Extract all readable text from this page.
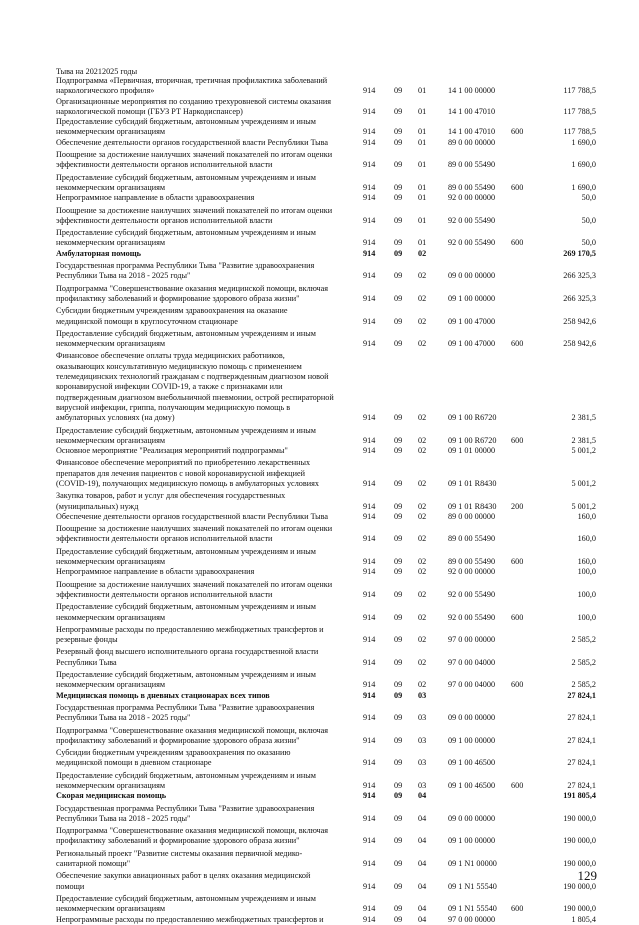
Тыва на 20212025 годы
Подпрограмма «Первичная, вторичная, третичная профилактика заболеваний
наркологического профиля»	914 09 01	14 1 00 00000	117 788,5
Организационные мероприятия по созданию трехуровневой системы оказания
наркологической помощи (ГБУЗ РТ Наркодиспансер)	914 09 01	14 1 00 47010	117 788,5
Предоставление субсидий бюджетным, автономным учреждениям и иным
некоммерческим организациям	914 09 01	14 1 00 47010 600	117 788,5
Обеспечение деятельности органов государственной власти Республики Тыва	914 09 01	89 0 00 00000	1 690,0
Поощрение за достижение наилучших значений показателей по итогам оценки
эффективности деятельности органов исполнительной власти	914 09 01	89 0 00 55490	1 690,0
Предоставление субсидий бюджетным, автономным учреждениям и иным
некоммерческим организациям	914 09 01	89 0 00 55490 600	1 690,0
Непрограммное направление в области здравоохранения	914 09 01	92 0 00 00000	50,0
Поощрение за достижение наилучших значений показателей по итогам оценки
эффективности деятельности органов исполнительной власти	914 09 01	92 0 00 55490	50,0
Предоставление субсидий бюджетным, автономным учреждениям и иным
некоммерческим организациям	914 09 01	92 0 00 55490 600	50,0
Амбулаторная помощь	914 09 02	269 170,5
Государственная программа Республики Тыва "Развитие здравоохранения
Республики Тыва на 2018 - 2025 годы"	914 09 02	09 0 00 00000	266 325,3
Подпрограмма "Совершенствование оказания медицинской помощи, включая
профилактику заболеваний и формирование здорового образа жизни"	914 09 02	09 1 00 00000	266 325,3
Субсидии бюджетным учреждениям здравоохранения на оказание
медицинской помощи в круглосуточном стационаре	914 09 02	09 1 00 47000	258 942,6
Предоставление субсидий бюджетным, автономным учреждениям и иным
некоммерческим организациям	914 09 02	09 1 00 47000 600	258 942,6
Финансовое обеспечение оплаты труда медицинских работников,
оказывающих консультативную медицинскую помощь с применением
телемедицинских технологий гражданам с подтвержденным диагнозом новой
коронавирусной инфекции COVID-19, а также с признаками или
подтвержденным диагнозом внебольничной пневмонии, острой респираторной
вирусной инфекции, гриппа, получающим медицинскую помощь в
амбулаторных условиях (на дому)	914 09 02	09 1 00 R6720	2 381,5
Предоставление субсидий бюджетным, автономным учреждениям и иным
некоммерческим организациям	914 09 02	09 1 00 R6720 600	2 381,5
Основное мероприятие "Реализация мероприятий подпрограммы"	914 09 02	09 1 01 00000	5 001,2
Финансовое обеспечение мероприятий по приобретению лекарственных
препаратов для лечения пациентов с новой коронавирусной инфекцией
(COVID-19), получающих медицинскую помощь в амбулаторных условиях	914 09 02	09 1 01 R8430	5 001,2
Закупка товаров, работ и услуг для обеспечения государственных
(муниципальных) нужд	914 09 02	09 1 01 R8430 200	5 001,2
Обеспечение деятельности органов государственной власти Республики Тыва	914 09 02	89 0 00 00000	160,0
Поощрение за достижение наилучших значений показателей по итогам оценки
эффективности деятельности органов исполнительной власти	914 09 02	89 0 00 55490	160,0
Предоставление субсидий бюджетным, автономным учреждениям и иным
некоммерческим организациям	914 09 02	89 0 00 55490 600	160,0
Непрограммное направление в области здравоохранения	914 09 02	92 0 00 00000	100,0
Поощрение за достижение наилучших значений показателей по итогам оценки
эффективности деятельности органов исполнительной власти	914 09 02	92 0 00 55490	100,0
Предоставление субсидий бюджетным, автономным учреждениям и иным
некоммерческим организациям	914 09 02	92 0 00 55490 600	100,0
Непрограммные расходы по предоставлению межбюджетных трансфертов и
резервные фонды	914 09 02	97 0 00 00000	2 585,2
Резервный фонд высшего исполнительного органа государственной власти
Республики Тыва	914 09 02	97 0 00 04000	2 585,2
Предоставление субсидий бюджетным, автономным учреждениям и иным
некоммерческим организациям	914 09 02	97 0 00 04000 600	2 585,2
Медицинская помощь в дневных стационарах всех типов	914 09 03	27 824,1
Государственная программа Республики Тыва "Развитие здравоохранения
Республики Тыва на 2018 - 2025 годы"	914 09 03	09 0 00 00000	27 824,1
Подпрограмма "Совершенствование оказания медицинской помощи, включая
профилактику заболеваний и формирование здорового образа жизни"	914 09 03	09 1 00 00000	27 824,1
Субсидии бюджетным учреждениям здравоохранения по оказанию
медицинской помощи в дневном стационаре	914 09 03	09 1 00 46500	27 824,1
Предоставление субсидий бюджетным, автономным учреждениям и иным
некоммерческим организациям	914 09 03	09 1 00 46500 600	27 824,1
Скорая медицинская помощь	914 09 04	191 805,4
Государственная программа Республики Тыва "Развитие здравоохранения
Республики Тыва на 2018 - 2025 годы"	914 09 04	09 0 00 00000	190 000,0
Подпрограмма "Совершенствование оказания медицинской помощи, включая
профилактику заболеваний и формирование здорового образа жизни"	914 09 04	09 1 00 00000	190 000,0
Региональный проект "Развитие системы оказания первичной медико-
санитарной помощи"	914 09 04	09 1 N1 00000	190 000,0
Обеспечение закупки авиационных работ в целях оказания медицинской
помощи	914 09 04	09 1 N1 55540	190 000,0
Предоставление субсидий бюджетным, автономным учреждениям и иным
некоммерческим организациям	914 09 04	09 1 N1 55540 600	190 000,0
Непрограммные расходы по предоставлению межбюджетных трансфертов и	914 09 04	97 0 00 00000	1 805,4
129
